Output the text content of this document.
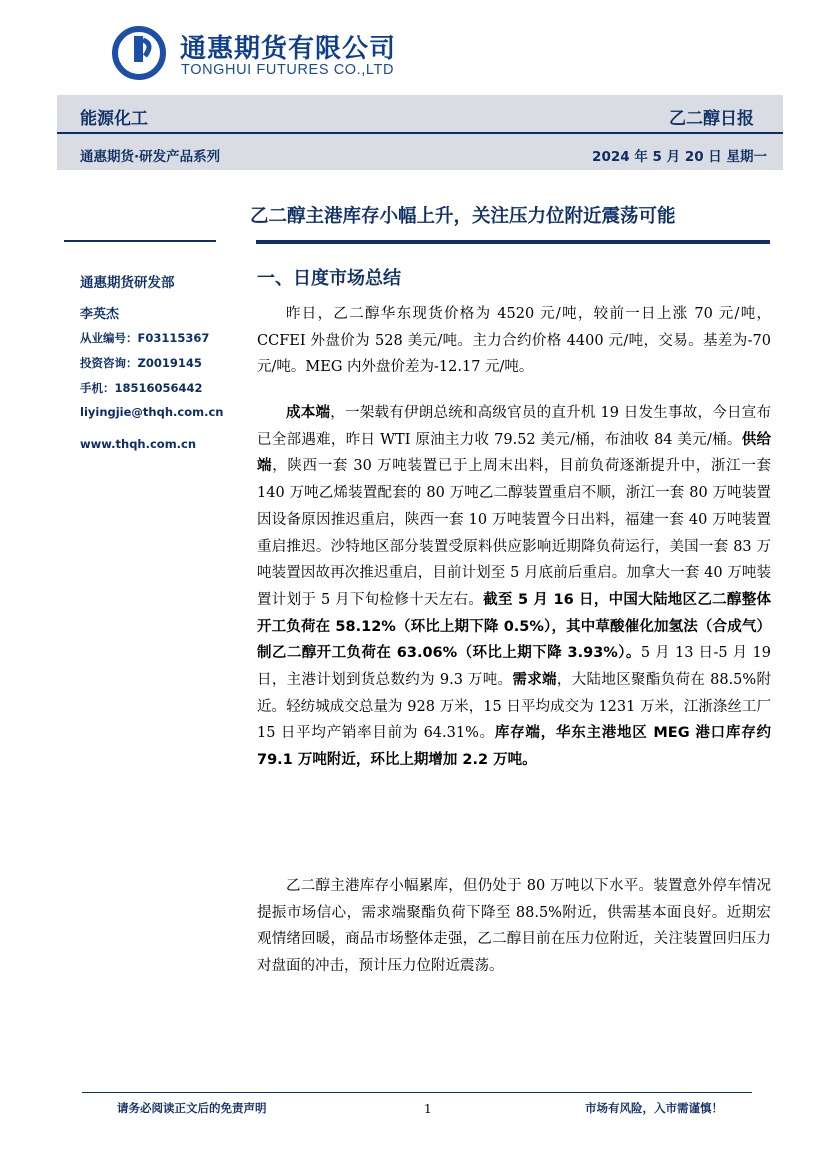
通惠期货有限公司
TONGHUI FUTURES CO.,LTD
能源化工	乙二醇日报
通惠期货·研发产品系列	2024 年 5 月 20 日 星期一
乙二醇主港库存小幅上升，关注压力位附近震荡可能
通惠期货研发部
李英杰
从业编号：F03115367
投资咨询：Z0019145
手机：18516056442
liyingjie@thqh.com.cn
www.thqh.com.cn
一、日度市场总结
昨日，乙二醇华东现货价格为 4520 元/吨，较前一日上涨 70 元/吨，CCFEI 外盘价为 528 美元/吨。主力合约价格 4400 元/吨，交易。基差为-70 元/吨。MEG 内外盘价差为-12.17 元/吨。
成本端，一架载有伊朗总统和高级官员的直升机 19 日发生事故，今日宣布已全部遇难，昨日 WTI 原油主力收 79.52 美元/桶，布油收 84 美元/桶。供给端，陕西一套 30 万吨装置已于上周末出料，目前负荷逐渐提升中，浙江一套 140 万吨乙烯装置配套的 80 万吨乙二醇装置重启不顺，浙江一套 80 万吨装置因设备原因推迟重启，陕西一套 10 万吨装置今日出料，福建一套 40 万吨装置重启推迟。沙特地区部分装置受原料供应影响近期降负荷运行，美国一套 83 万吨装置因故再次推迟重启，目前计划至 5 月底前后重启。加拿大一套 40 万吨装置计划于 5 月下旬检修十天左右。截至 5 月 16 日，中国大陆地区乙二醇整体开工负荷在 58.12%（环比上期下降 0.5%），其中草酸催化加氢法（合成气）制乙二醇开工负荷在 63.06%（环比上期下降 3.93%）。5 月 13 日-5 月 19 日，主港计划到货总数约为 9.3 万吨。需求端，大陆地区聚酯负荷在 88.5%附近。轻纺城成交总量为 928 万米，15 日平均成交为 1231 万米，江浙涤丝工厂 15 日平均产销率目前为 64.31%。库存端，华东主港地区 MEG 港口库存约 79.1 万吨附近，环比上期增加 2.2 万吨。
乙二醇主港库存小幅累库，但仍处于 80 万吨以下水平。装置意外停车情况提振市场信心，需求端聚酯负荷下降至 88.5%附近，供需基本面良好。近期宏观情绪回暖，商品市场整体走强，乙二醇目前在压力位附近，关注装置回归压力对盘面的冲击，预计压力位附近震荡。
请务必阅读正文后的免责声明	1	市场有风险，入市需谨慎！
